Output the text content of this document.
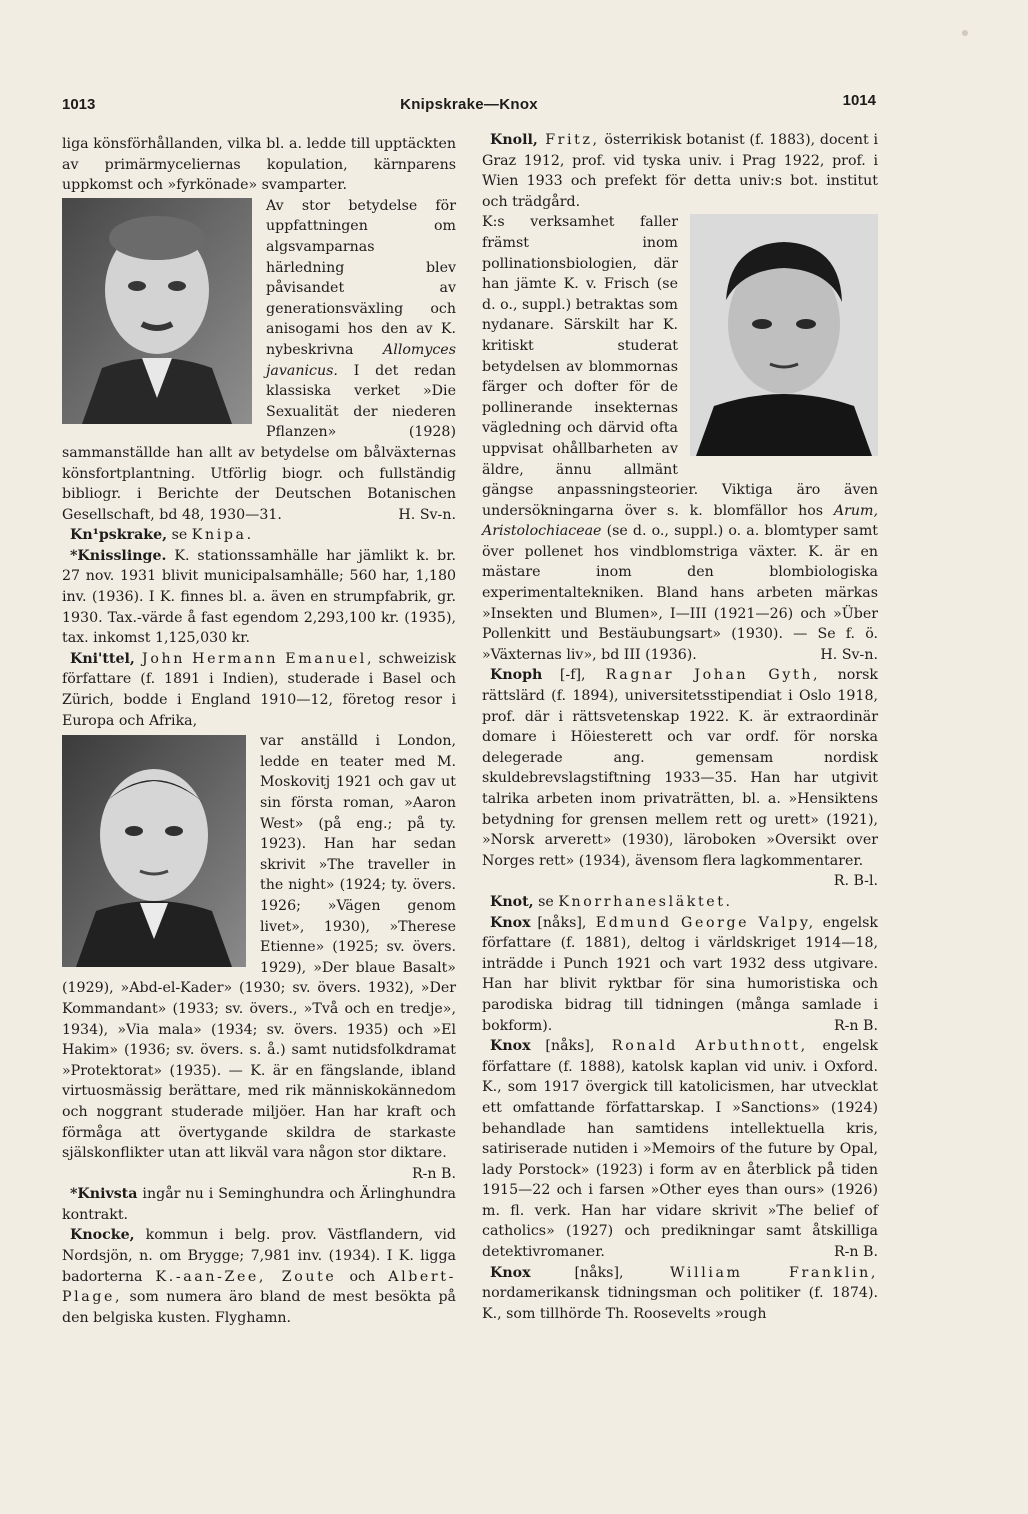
1013	Knipskrake—Knox	1014

liga könsförhållanden, vilka bl. a. ledde till upptäckten av primärmyceliernas kopulation, kärnparens uppkomst och »fyrkönade» svamparter.

Av stor betydelse för uppfattningen om algsvamparnas härledning blev påvisandet av generationsväxling och anisogami hos den av K. nybeskrivna Allomyces javanicus. I det redan klassiska verket »Die Sexualität der niederen Pflanzen» (1928) sammanställde han allt av betydelse om bålväxternas könsfortplantning. Utförlig biogr. och fullständig bibliogr. i Berichte der Deutschen Botanischen Gesellschaft, bd 48, 1930—31.	H. Sv-n.

Kn¹pskrake, se Knipa.

*Knisslinge. K. stationssamhälle har jämlikt k. br. 27 nov. 1931 blivit municipalsamhälle; 560 har, 1,180 inv. (1936). I K. finnes bl. a. även en strumpfabrik, gr. 1930. Tax.-värde å fast egendom 2,293,100 kr. (1935), tax. inkomst 1,125,030 kr.

Kni'ttel, John Hermann Emanuel, schweizisk författare (f. 1891 i Indien), studerade i Basel och Zürich, bodde i England 1910—12, företog resor i Europa och Afrika,

var anställd i London, ledde en teater med M. Moskovitj 1921 och gav ut sin första roman, »Aaron West» (på eng.; på ty. 1923). Han har sedan skrivit »The traveller in the night» (1924; ty. övers. 1926; »Vägen genom livet», 1930), »Therese Etienne» (1925; sv. övers. 1929), »Der blaue Basalt» (1929), »Abd-el-Kader» (1930; sv. övers. 1932), »Der Kommandant» (1933; sv. övers., »Två och en tredje», 1934), »Via mala» (1934; sv. övers. 1935) och »El Hakim» (1936; sv. övers. s. å.) samt nutidsfolkdramat »Protektorat» (1935). — K. är en fängslande, ibland virtuosmässig berättare, med rik människokännedom och noggrant studerade miljöer. Han har kraft och förmåga att övertygande skildra de starkaste själskonflikter utan att likväl vara någon stor diktare.
R-n B.

*Knivsta ingår nu i Seminghundra och Ärlinghundra kontrakt.

Knocke, kommun i belg. prov. Västflandern, vid Nordsjön, n. om Brygge; 7,981 inv. (1934). I K. ligga badorterna K.-aan-Zee, Zoute och Albert-Plage, som numera äro bland de mest besökta på den belgiska kusten. Flyghamn.

Knoll, Fritz, österrikisk botanist (f. 1883), docent i Graz 1912, prof. vid tyska univ. i Prag 1922, prof. i Wien 1933 och prefekt för detta univ:s bot. institut och trädgård.

K:s verksamhet faller främst inom pollinationsbiologien, där han jämte K. v. Frisch (se d. o., suppl.) betraktas som nydanare. Särskilt har K. kritiskt studerat betydelsen av blommornas färger och dofter för de pollinerande insekternas vägledning och därvid ofta uppvisat ohållbarheten av äldre, ännu allmänt gängse anpassningsteorier. Viktiga äro även undersökningarna över s. k. blomfällor hos Arum, Aristolochiaceae (se d. o., suppl.) o. a. blomtyper samt över pollenet hos vindblomstriga växter. K. är en mästare inom den blombiologiska experimentaltekniken. Bland hans arbeten märkas »Insekten und Blumen», I—III (1921—26) och »Über Pollenkitt und Bestäubungsart» (1930). — Se f. ö. »Växternas liv», bd III (1936).	H. Sv-n.

Knoph [-f], Ragnar Johan Gyth, norsk rättslärd (f. 1894), universitetsstipendiat i Oslo 1918, prof. där i rättsvetenskap 1922. K. är extraordinär domare i Höiesterett och var ordf. för norska delegerade ang. gemensam nordisk skuldebrevslagstiftning 1933—35. Han har utgivit talrika arbeten inom privaträtten, bl. a. »Hensiktens betydning for grensen mellem rett og urett» (1921), »Norsk arverett» (1930), läroboken »Oversikt over Norges rett» (1934), ävensom flera lagkommentarer.
R. B-l.

Knot, se Knorrhanesläktet.

Knox [nåks], Edmund George Valpy, engelsk författare (f. 1881), deltog i världskriget 1914—18, inträdde i Punch 1921 och vart 1932 dess utgivare. Han har blivit ryktbar för sina humoristiska och parodiska bidrag till tidningen (många samlade i bokform).	R-n B.

Knox [nåks], Ronald Arbuthnott, engelsk författare (f. 1888), katolsk kaplan vid univ. i Oxford. K., som 1917 övergick till katolicismen, har utvecklat ett omfattande författarskap. I »Sanctions» (1924) behandlade han samtidens intellektuella kris, satiriserade nutiden i »Memoirs of the future by Opal, lady Porstock» (1923) i form av en återblick på tiden 1915—22 och i farsen »Other eyes than ours» (1926) m. fl. verk. Han har vidare skrivit »The belief of catholics» (1927) och predikningar samt åtskilliga detektivromaner.	R-n B.

Knox [nåks], William Franklin, nordamerikansk tidningsman och politiker (f. 1874). K., som tillhörde Th. Roosevelts »rough
